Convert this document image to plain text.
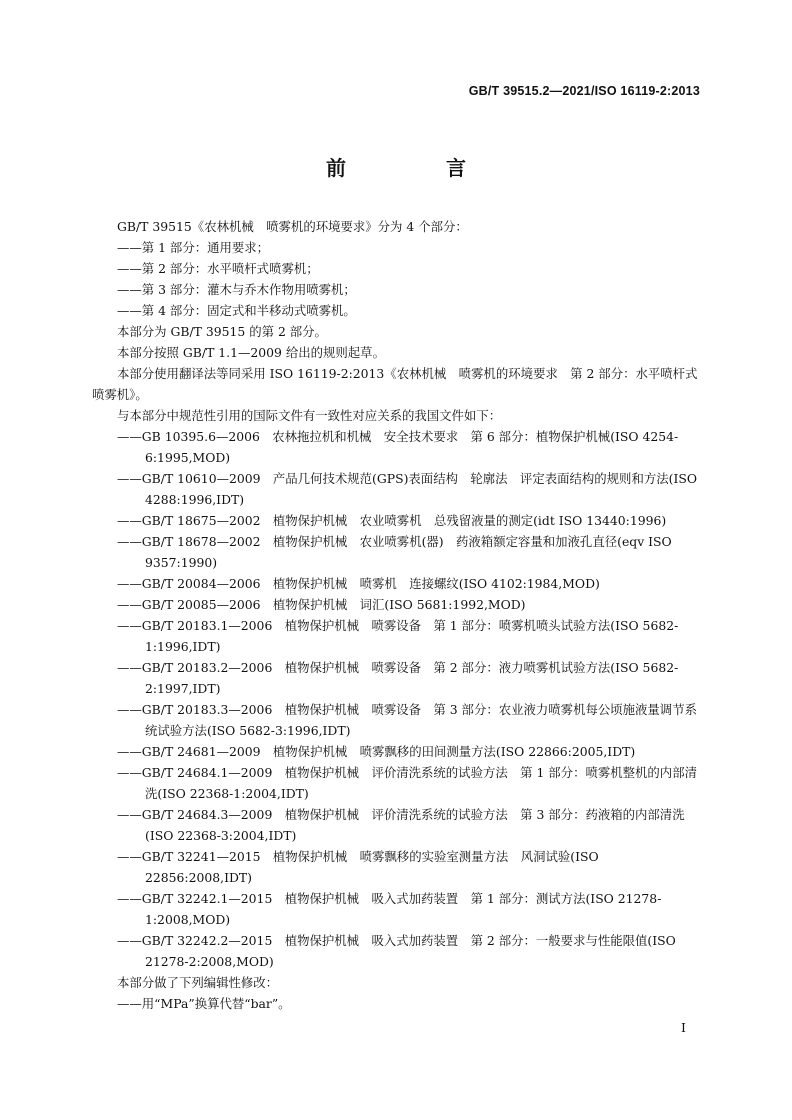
GB/T 39515.2—2021/ISO 16119-2:2013
前　言

GB/T 39515《农林机械　喷雾机的环境要求》分为 4 个部分：

——第 1 部分：通用要求；

——第 2 部分：水平喷杆式喷雾机；

——第 3 部分：灌木与乔木作物用喷雾机；

——第 4 部分：固定式和半移动式喷雾机。

本部分为 GB/T 39515 的第 2 部分。

本部分按照 GB/T 1.1—2009 给出的规则起草。

本部分使用翻译法等同采用 ISO 16119-2:2013《农林机械　喷雾机的环境要求　第 2 部分：水平喷杆式喷雾机》。

与本部分中规范性引用的国际文件有一致性对应关系的我国文件如下：

——GB 10395.6—2006　农林拖拉机和机械　安全技术要求　第 6 部分：植物保护机械(ISO 4254-6:1995,MOD)

——GB/T 10610—2009　产品几何技术规范(GPS)表面结构　轮廓法　评定表面结构的规则和方法(ISO 4288:1996,IDT)

——GB/T 18675—2002　植物保护机械　农业喷雾机　总残留液量的测定(idt ISO 13440:1996)

——GB/T 18678—2002　植物保护机械　农业喷雾机(器)　药液箱额定容量和加液孔直径(eqv ISO 9357:1990)

——GB/T 20084—2006　植物保护机械　喷雾机　连接螺纹(ISO 4102:1984,MOD)

——GB/T 20085—2006　植物保护机械　词汇(ISO 5681:1992,MOD)

——GB/T 20183.1—2006　植物保护机械　喷雾设备　第 1 部分：喷雾机喷头试验方法(ISO 5682-1:1996,IDT)

——GB/T 20183.2—2006　植物保护机械　喷雾设备　第 2 部分：液力喷雾机试验方法(ISO 5682-2:1997,IDT)

——GB/T 20183.3—2006　植物保护机械　喷雾设备　第 3 部分：农业液力喷雾机每公顷施液量调节系统试验方法(ISO 5682-3:1996,IDT)

——GB/T 24681—2009　植物保护机械　喷雾飘移的田间测量方法(ISO 22866:2005,IDT)

——GB/T 24684.1—2009　植物保护机械　评价清洗系统的试验方法　第 1 部分：喷雾机整机的内部清洗(ISO 22368-1:2004,IDT)

——GB/T 24684.3—2009　植物保护机械　评价清洗系统的试验方法　第 3 部分：药液箱的内部清洗(ISO 22368-3:2004,IDT)

——GB/T 32241—2015　植物保护机械　喷雾飘移的实验室测量方法　风洞试验(ISO 22856:2008,IDT)

——GB/T 32242.1—2015　植物保护机械　吸入式加药装置　第 1 部分：测试方法(ISO 21278-1:2008,MOD)

——GB/T 32242.2—2015　植物保护机械　吸入式加药装置　第 2 部分：一般要求与性能限值(ISO 21278-2:2008,MOD)

本部分做了下列编辑性修改：

——用“MPa”换算代替“bar”。

I
